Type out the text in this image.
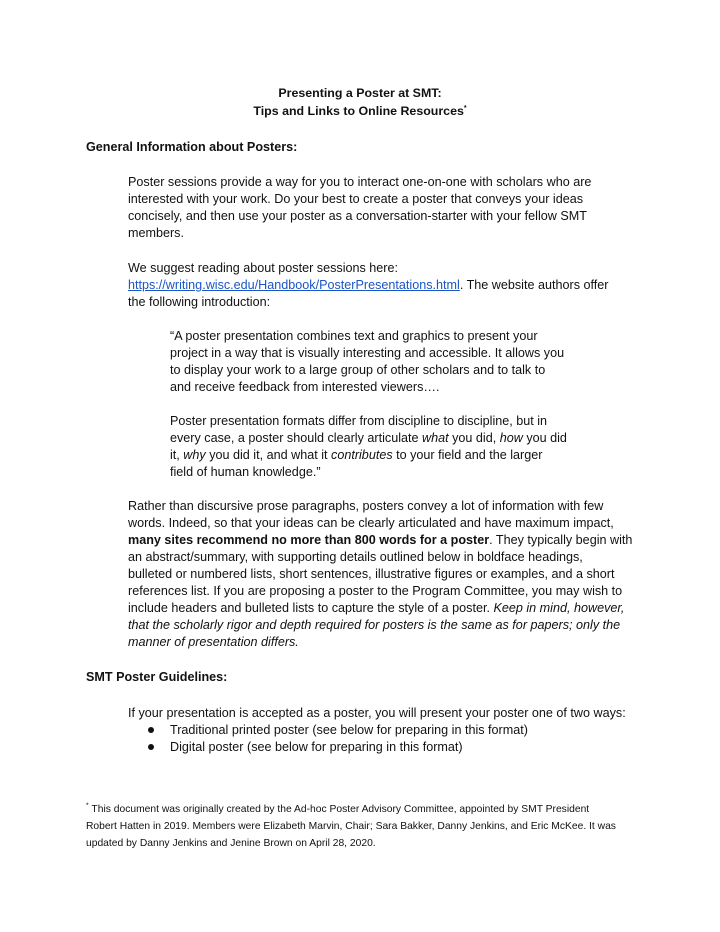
Presenting a Poster at SMT:
Tips and Links to Online Resources*
General Information about Posters:
Poster sessions provide a way for you to interact one-on-one with scholars who are
interested with your work. Do your best to create a poster that conveys your ideas
concisely, and then use your poster as a conversation-starter with your fellow SMT
members.
We suggest reading about poster sessions here:
https://writing.wisc.edu/Handbook/PosterPresentations.html. The website authors offer
the following introduction:
“A poster presentation combines text and graphics to present your
project in a way that is visually interesting and accessible. It allows you
to display your work to a large group of other scholars and to talk to
and receive feedback from interested viewers….
Poster presentation formats differ from discipline to discipline, but in
every case, a poster should clearly articulate what you did, how you did
it, why you did it, and what it contributes to your field and the larger
field of human knowledge.”
Rather than discursive prose paragraphs, posters convey a lot of information with few
words. Indeed, so that your ideas can be clearly articulated and have maximum impact,
many sites recommend no more than 800 words for a poster. They typically begin with
an abstract/summary, with supporting details outlined below in boldface headings,
bulleted or numbered lists, short sentences, illustrative figures or examples, and a short
references list. If you are proposing a poster to the Program Committee, you may wish to
include headers and bulleted lists to capture the style of a poster. Keep in mind, however,
that the scholarly rigor and depth required for posters is the same as for papers; only the
manner of presentation differs.
SMT Poster Guidelines:
If your presentation is accepted as a poster, you will present your poster one of two ways:
Traditional printed poster (see below for preparing in this format)
Digital poster (see below for preparing in this format)
* This document was originally created by the Ad-hoc Poster Advisory Committee, appointed by SMT President
Robert Hatten in 2019. Members were Elizabeth Marvin, Chair; Sara Bakker, Danny Jenkins, and Eric McKee. It was
updated by Danny Jenkins and Jenine Brown on April 28, 2020.
